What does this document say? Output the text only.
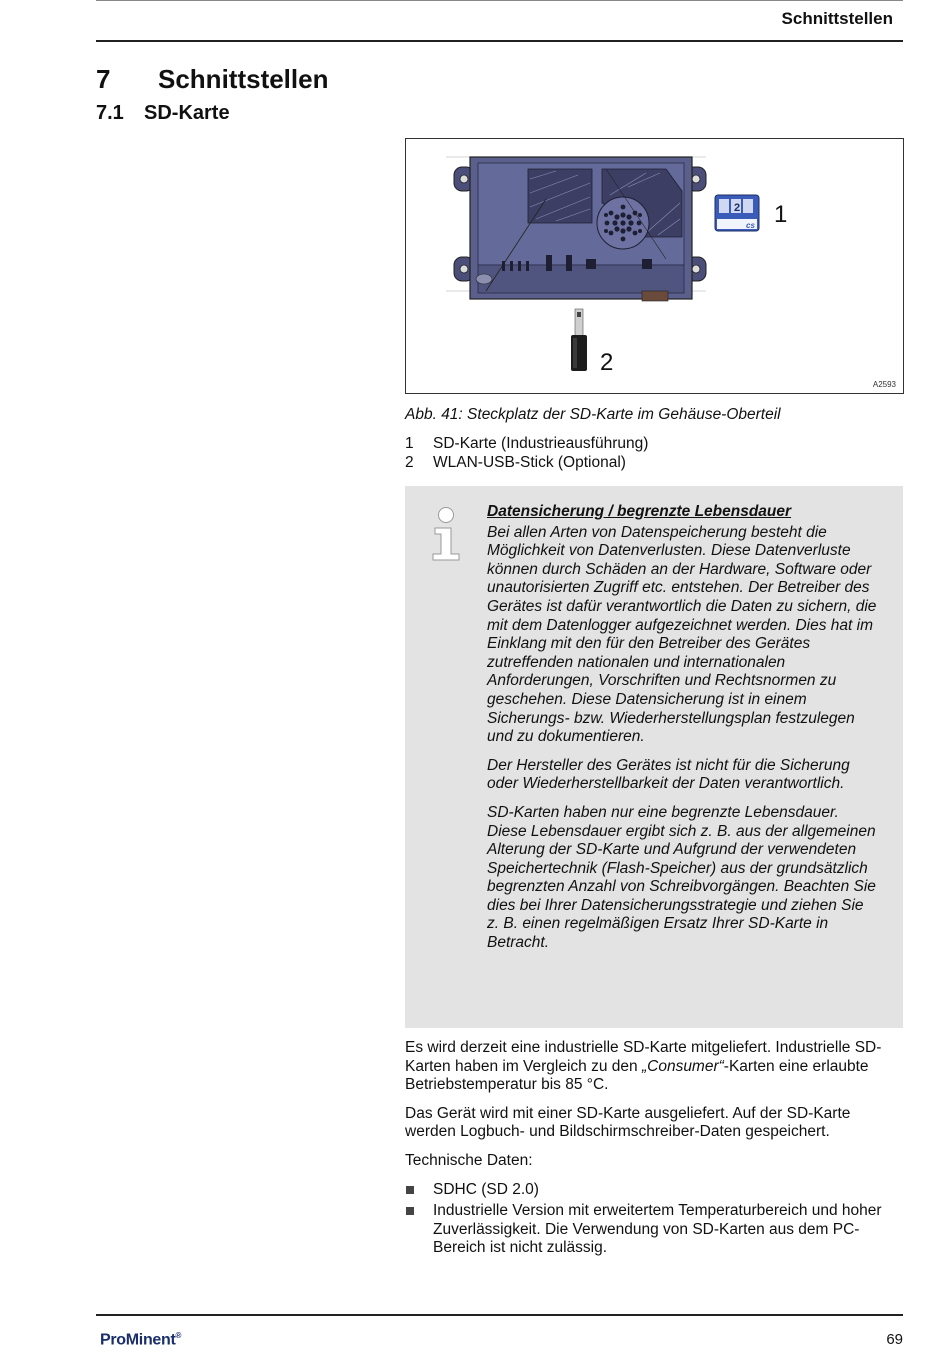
Schnittstellen
7 Schnittstellen
7.1 SD-Karte
2
cs 1
2
A2593
Abb. 41: Steckplatz der SD-Karte im Gehäuse-Oberteil
1	SD-Karte (Industrieausführung)
2	WLAN-USB-Stick (Optional)
Datensicherung / begrenzte Lebensdauer

Bei allen Arten von Datenspeicherung besteht die Möglichkeit von Datenverlusten. Diese Datenverluste können durch Schäden an der Hardware, Software oder unautorisierten Zugriff etc. entstehen. Der Betreiber des Gerätes ist dafür verantwortlich die Daten zu sichern, die mit dem Datenlogger aufgezeichnet werden. Dies hat im Einklang mit den für den Betreiber des Gerätes zutreffenden nationalen und internationalen Anforderungen, Vorschriften und Rechtsnormen zu geschehen. Diese Datensicherung ist in einem Sicherungs- bzw. Wiederherstellungsplan festzulegen und zu dokumentieren.

Der Hersteller des Gerätes ist nicht für die Sicherung oder Wiederherstellbarkeit der Daten verantwortlich.

SD-Karten haben nur eine begrenzte Lebensdauer. Diese Lebensdauer ergibt sich z. B. aus der allgemeinen Alterung der SD-Karte und Aufgrund der verwendeten Speichertechnik (Flash-Speicher) aus der grundsätzlich begrenzten Anzahl von Schreibvorgängen. Beachten Sie dies bei Ihrer Datensicherungsstrategie und ziehen Sie z. B. einen regelmäßigen Ersatz Ihrer SD-Karte in Betracht.

Es wird derzeit eine industrielle SD-Karte mitgeliefert. Industrielle SD-Karten haben im Vergleich zu den „Consumer“-Karten eine erlaubte Betriebstemperatur bis 85 °C.

Das Gerät wird mit einer SD-Karte ausgeliefert. Auf der SD-Karte werden Logbuch- und Bildschirmschreiber-Daten gespeichert.

Technische Daten:

SDHC (SD 2.0)
Industrielle Version mit erweitertem Temperaturbereich und hoher Zuverlässigkeit. Die Verwendung von SD-Karten aus dem PC-Bereich ist nicht zulässig.
ProMinent®	69
